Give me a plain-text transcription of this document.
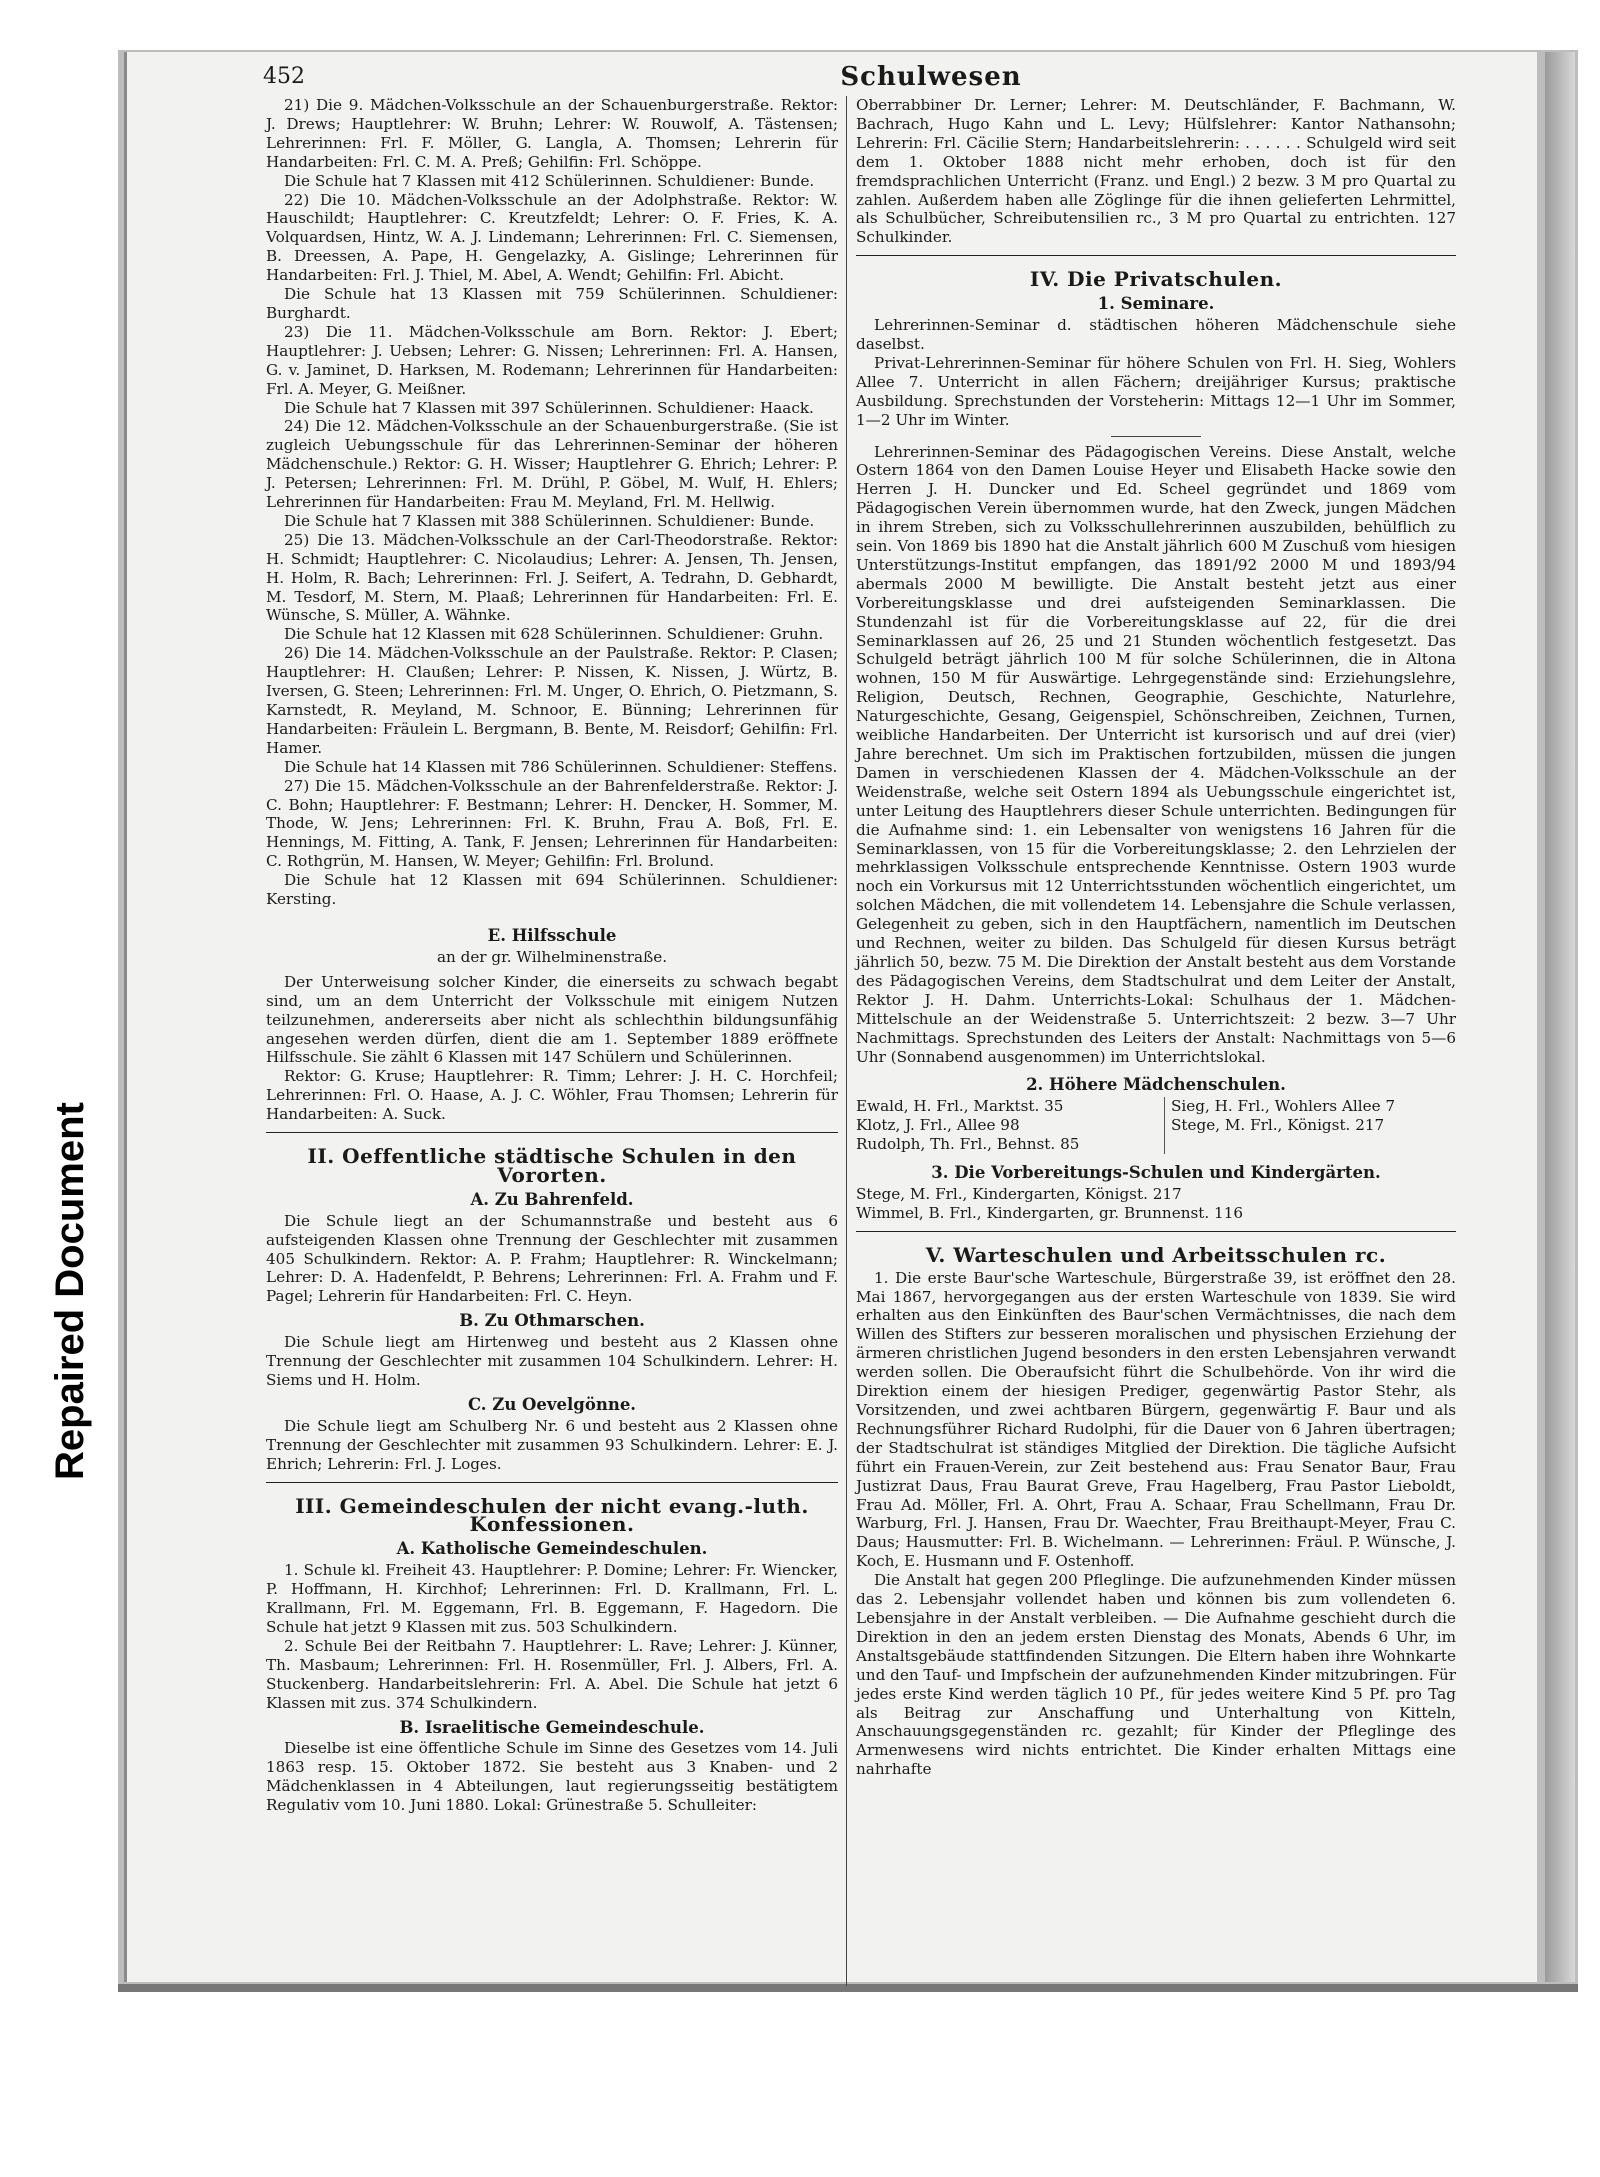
Repaired Document
452	Schulwesen

21) Die 9. Mädchen-Volksschule an der Schauenburgerstraße. Rektor: J. Drews; Hauptlehrer: W. Bruhn; Lehrer: W. Rouwolf, A. Tästensen; Lehrerinnen: Frl. F. Möller, G. Langla, A. Thomsen; Lehrerin für Handarbeiten: Frl. C. M. A. Preß; Gehilfin: Frl. Schöppe.

Die Schule hat 7 Klassen mit 412 Schülerinnen. Schuldiener: Bunde.

22) Die 10. Mädchen-Volksschule an der Adolphstraße. Rektor: W. Hauschildt; Hauptlehrer: C. Kreutzfeldt; Lehrer: O. F. Fries, K. A. Volquardsen, Hintz, W. A. J. Lindemann; Lehrerinnen: Frl. C. Siemensen, B. Dreessen, A. Pape, H. Gengelazky, A. Gislinge; Lehrerinnen für Handarbeiten: Frl. J. Thiel, M. Abel, A. Wendt; Gehilfin: Frl. Abicht.

Die Schule hat 13 Klassen mit 759 Schülerinnen. Schuldiener: Burghardt.

23) Die 11. Mädchen-Volksschule am Born. Rektor: J. Ebert; Hauptlehrer: J. Uebsen; Lehrer: G. Nissen; Lehrerinnen: Frl. A. Hansen, G. v. Jaminet, D. Harksen, M. Rodemann; Lehrerinnen für Handarbeiten: Frl. A. Meyer, G. Meißner.

Die Schule hat 7 Klassen mit 397 Schülerinnen. Schuldiener: Haack.

24) Die 12. Mädchen-Volksschule an der Schauenburgerstraße. (Sie ist zugleich Uebungsschule für das Lehrerinnen-Seminar der höheren Mädchenschule.) Rektor: G. H. Wisser; Hauptlehrer G. Ehrich; Lehrer: P. J. Petersen; Lehrerinnen: Frl. M. Drühl, P. Göbel, M. Wulf, H. Ehlers; Lehrerinnen für Handarbeiten: Frau M. Meyland, Frl. M. Hellwig.

Die Schule hat 7 Klassen mit 388 Schülerinnen. Schuldiener: Bunde.

25) Die 13. Mädchen-Volksschule an der Carl-Theodorstraße. Rektor: H. Schmidt; Hauptlehrer: C. Nicolaudius; Lehrer: A. Jensen, Th. Jensen, H. Holm, R. Bach; Lehrerinnen: Frl. J. Seifert, A. Tedrahn, D. Gebhardt, M. Tesdorf, M. Stern, M. Plaaß; Lehrerinnen für Handarbeiten: Frl. E. Wünsche, S. Müller, A. Wähnke.

Die Schule hat 12 Klassen mit 628 Schülerinnen. Schuldiener: Gruhn.

26) Die 14. Mädchen-Volksschule an der Paulstraße. Rektor: P. Clasen; Hauptlehrer: H. Claußen; Lehrer: P. Nissen, K. Nissen, J. Würtz, B. Iversen, G. Steen; Lehrerinnen: Frl. M. Unger, O. Ehrich, O. Pietzmann, S. Karnstedt, R. Meyland, M. Schnoor, E. Bünning; Lehrerinnen für Handarbeiten: Fräulein L. Bergmann, B. Bente, M. Reisdorf; Gehilfin: Frl. Hamer.

Die Schule hat 14 Klassen mit 786 Schülerinnen. Schuldiener: Steffens.

27) Die 15. Mädchen-Volksschule an der Bahrenfelderstraße. Rektor: J. C. Bohn; Hauptlehrer: F. Bestmann; Lehrer: H. Dencker, H. Sommer, M. Thode, W. Jens; Lehrerinnen: Frl. K. Bruhn, Frau A. Boß, Frl. E. Hennings, M. Fitting, A. Tank, F. Jensen; Lehrerinnen für Handarbeiten: C. Rothgrün, M. Hansen, W. Meyer; Gehilfin: Frl. Brolund.

Die Schule hat 12 Klassen mit 694 Schülerinnen. Schuldiener: Kersting.

E. Hilfsschule
an der gr. Wilhelminenstraße.

Der Unterweisung solcher Kinder, die einerseits zu schwach begabt sind, um an dem Unterricht der Volksschule mit einigem Nutzen teilzunehmen, andererseits aber nicht als schlechthin bildungsunfähig angesehen werden dürfen, dient die am 1. September 1889 eröffnete Hilfsschule. Sie zählt 6 Klassen mit 147 Schülern und Schülerinnen.

Rektor: G. Kruse; Hauptlehrer: R. Timm; Lehrer: J. H. C. Horchfeil; Lehrerinnen: Frl. O. Haase, A. J. C. Wöhler, Frau Thomsen; Lehrerin für Handarbeiten: A. Suck.

II. Oeffentliche städtische Schulen in den Vororten.
A. Zu Bahrenfeld.

Die Schule liegt an der Schumannstraße und besteht aus 6 aufsteigenden Klassen ohne Trennung der Geschlechter mit zusammen 405 Schulkindern. Rektor: A. P. Frahm; Hauptlehrer: R. Winckelmann; Lehrer: D. A. Hadenfeldt, P. Behrens; Lehrerinnen: Frl. A. Frahm und F. Pagel; Lehrerin für Handarbeiten: Frl. C. Heyn.

B. Zu Othmarschen.

Die Schule liegt am Hirtenweg und besteht aus 2 Klassen ohne Trennung der Geschlechter mit zusammen 104 Schulkindern. Lehrer: H. Siems und H. Holm.

C. Zu Oevelgönne.

Die Schule liegt am Schulberg Nr. 6 und besteht aus 2 Klassen ohne Trennung der Geschlechter mit zusammen 93 Schulkindern. Lehrer: E. J. Ehrich; Lehrerin: Frl. J. Loges.

III. Gemeindeschulen der nicht evang.-luth. Konfessionen.
A. Katholische Gemeindeschulen.

1. Schule kl. Freiheit 43. Hauptlehrer: P. Domine; Lehrer: Fr. Wiencker, P. Hoffmann, H. Kirchhof; Lehrerinnen: Frl. D. Krallmann, Frl. L. Krallmann, Frl. M. Eggemann, Frl. B. Eggemann, F. Hagedorn. Die Schule hat jetzt 9 Klassen mit zus. 503 Schulkindern.

2. Schule Bei der Reitbahn 7. Hauptlehrer: L. Rave; Lehrer: J. Künner, Th. Masbaum; Lehrerinnen: Frl. H. Rosenmüller, Frl. J. Albers, Frl. A. Stuckenberg. Handarbeitslehrerin: Frl. A. Abel. Die Schule hat jetzt 6 Klassen mit zus. 374 Schulkindern.

B. Israelitische Gemeindeschule.

Dieselbe ist eine öffentliche Schule im Sinne des Gesetzes vom 14. Juli 1863 resp. 15. Oktober 1872. Sie besteht aus 3 Knaben- und 2 Mädchenklassen in 4 Abteilungen, laut regierungsseitig bestätigtem Regulativ vom 10. Juni 1880. Lokal: Grünestraße 5. Schulleiter:

Oberrabbiner Dr. Lerner; Lehrer: M. Deutschländer, F. Bachmann, W. Bachrach, Hugo Kahn und L. Levy; Hülfslehrer: Kantor Nathansohn; Lehrerin: Frl. Cäcilie Stern; Handarbeitslehrerin: . . . . . . Schulgeld wird seit dem 1. Oktober 1888 nicht mehr erhoben, doch ist für den fremdsprachlichen Unterricht (Franz. und Engl.) 2 bezw. 3 M pro Quartal zu zahlen. Außerdem haben alle Zöglinge für die ihnen gelieferten Lehrmittel, als Schulbücher, Schreibutensilien rc., 3 M pro Quartal zu entrichten. 127 Schulkinder.

IV. Die Privatschulen.
1. Seminare.

Lehrerinnen-Seminar d. städtischen höheren Mädchenschule siehe daselbst.

Privat-Lehrerinnen-Seminar für höhere Schulen von Frl. H. Sieg, Wohlers Allee 7. Unterricht in allen Fächern; dreijähriger Kursus; praktische Ausbildung. Sprechstunden der Vorsteherin: Mittags 12—1 Uhr im Sommer, 1—2 Uhr im Winter.

Lehrerinnen-Seminar des Pädagogischen Vereins. Diese Anstalt, welche Ostern 1864 von den Damen Louise Heyer und Elisabeth Hacke sowie den Herren J. H. Duncker und Ed. Scheel gegründet und 1869 vom Pädagogischen Verein übernommen wurde, hat den Zweck, jungen Mädchen in ihrem Streben, sich zu Volksschullehrerinnen auszubilden, behülflich zu sein. Von 1869 bis 1890 hat die Anstalt jährlich 600 M Zuschuß vom hiesigen Unterstützungs-Institut empfangen, das 1891/92 2000 M und 1893/94 abermals 2000 M bewilligte. Die Anstalt besteht jetzt aus einer Vorbereitungsklasse und drei aufsteigenden Seminarklassen. Die Stundenzahl ist für die Vorbereitungsklasse auf 22, für die drei Seminarklassen auf 26, 25 und 21 Stunden wöchentlich festgesetzt. Das Schulgeld beträgt jährlich 100 M für solche Schülerinnen, die in Altona wohnen, 150 M für Auswärtige. Lehrgegenstände sind: Erziehungslehre, Religion, Deutsch, Rechnen, Geographie, Geschichte, Naturlehre, Naturgeschichte, Gesang, Geigenspiel, Schönschreiben, Zeichnen, Turnen, weibliche Handarbeiten. Der Unterricht ist kursorisch und auf drei (vier) Jahre berechnet. Um sich im Praktischen fortzubilden, müssen die jungen Damen in verschiedenen Klassen der 4. Mädchen-Volksschule an der Weidenstraße, welche seit Ostern 1894 als Uebungsschule eingerichtet ist, unter Leitung des Hauptlehrers dieser Schule unterrichten. Bedingungen für die Aufnahme sind: 1. ein Lebensalter von wenigstens 16 Jahren für die Seminarklassen, von 15 für die Vorbereitungsklasse; 2. den Lehrzielen der mehrklassigen Volksschule entsprechende Kenntnisse. Ostern 1903 wurde noch ein Vorkursus mit 12 Unterrichtsstunden wöchentlich eingerichtet, um solchen Mädchen, die mit vollendetem 14. Lebensjahre die Schule verlassen, Gelegenheit zu geben, sich in den Hauptfächern, namentlich im Deutschen und Rechnen, weiter zu bilden. Das Schulgeld für diesen Kursus beträgt jährlich 50, bezw. 75 M. Die Direktion der Anstalt besteht aus dem Vorstande des Pädagogischen Vereins, dem Stadtschulrat und dem Leiter der Anstalt, Rektor J. H. Dahm. Unterrichts-Lokal: Schulhaus der 1. Mädchen-Mittelschule an der Weidenstraße 5. Unterrichtszeit: 2 bezw. 3—7 Uhr Nachmittags. Sprechstunden des Leiters der Anstalt: Nachmittags von 5—6 Uhr (Sonnabend ausgenommen) im Unterrichtslokal.

2. Höhere Mädchenschulen.
Ewald, H. Frl., Marktst. 35
Klotz, J. Frl., Allee 98
Rudolph, Th. Frl., Behnst. 85
Sieg, H. Frl., Wohlers Allee 7
Stege, M. Frl., Königst. 217
3. Die Vorbereitungs-Schulen und Kindergärten.
Stege, M. Frl., Kindergarten, Königst. 217
Wimmel, B. Frl., Kindergarten, gr. Brunnenst. 116
V. Warteschulen und Arbeitsschulen rc.

1. Die erste Baur'sche Warteschule, Bürgerstraße 39, ist eröffnet den 28. Mai 1867, hervorgegangen aus der ersten Warteschule von 1839. Sie wird erhalten aus den Einkünften des Baur'schen Vermächtnisses, die nach dem Willen des Stifters zur besseren moralischen und physischen Erziehung der ärmeren christlichen Jugend besonders in den ersten Lebensjahren verwandt werden sollen. Die Oberaufsicht führt die Schulbehörde. Von ihr wird die Direktion einem der hiesigen Prediger, gegenwärtig Pastor Stehr, als Vorsitzenden, und zwei achtbaren Bürgern, gegenwärtig F. Baur und als Rechnungsführer Richard Rudolphi, für die Dauer von 6 Jahren übertragen; der Stadtschulrat ist ständiges Mitglied der Direktion. Die tägliche Aufsicht führt ein Frauen-Verein, zur Zeit bestehend aus: Frau Senator Baur, Frau Justizrat Daus, Frau Baurat Greve, Frau Hagelberg, Frau Pastor Lieboldt, Frau Ad. Möller, Frl. A. Ohrt, Frau A. Schaar, Frau Schellmann, Frau Dr. Warburg, Frl. J. Hansen, Frau Dr. Waechter, Frau Breithaupt-Meyer, Frau C. Daus; Hausmutter: Frl. B. Wichelmann. — Lehrerinnen: Fräul. P. Wünsche, J. Koch, E. Husmann und F. Ostenhoff.

Die Anstalt hat gegen 200 Pfleglinge. Die aufzunehmenden Kinder müssen das 2. Lebensjahr vollendet haben und können bis zum vollendeten 6. Lebensjahre in der Anstalt verbleiben. — Die Aufnahme geschieht durch die Direktion in den an jedem ersten Dienstag des Monats, Abends 6 Uhr, im Anstaltsgebäude stattfindenden Sitzungen. Die Eltern haben ihre Wohnkarte und den Tauf- und Impfschein der aufzunehmenden Kinder mitzubringen. Für jedes erste Kind werden täglich 10 Pf., für jedes weitere Kind 5 Pf. pro Tag als Beitrag zur Anschaffung und Unterhaltung von Kitteln, Anschauungsgegenständen rc. gezahlt; für Kinder der Pfleglinge des Armenwesens wird nichts entrichtet. Die Kinder erhalten Mittags eine nahrhafte
